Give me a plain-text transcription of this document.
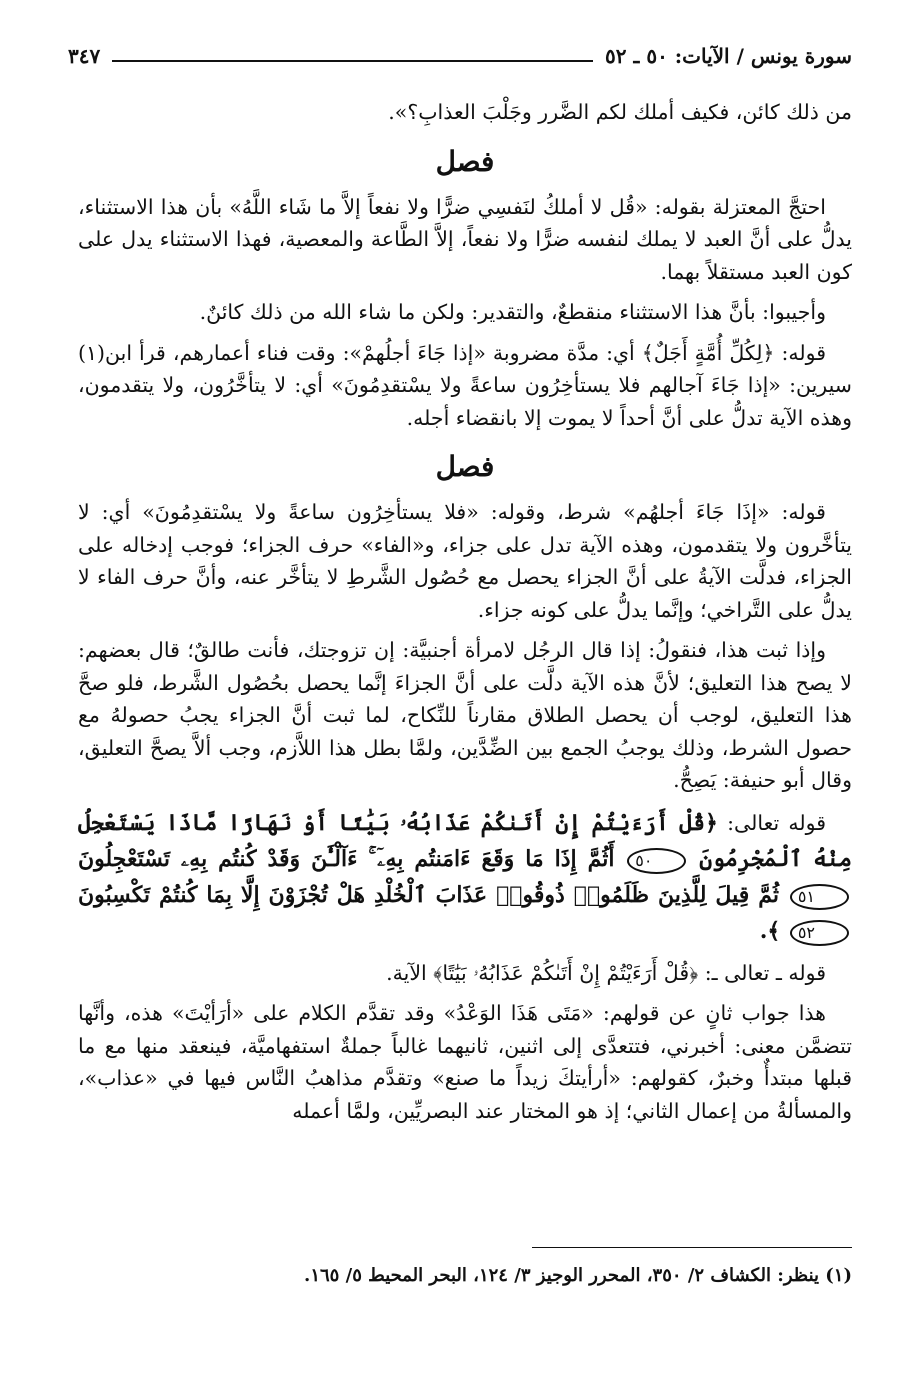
سورة يونس / الآيات: ٥٠ ـ ٥٢
٣٤٧

من ذلك كائن، فكيف أملك لكم الضَّرر وجَلْبَ العذابِ؟».

فصل

احتجَّ المعتزلة بقوله: «قُل لا أملكُ لنَفسِي ضرًّا ولا نفعاً إلاَّ ما شَاء اللَّهُ» بأن هذا الاستثناء، يدلُّ على أنَّ العبد لا يملك لنفسه ضرًّا ولا نفعاً، إلاَّ الطَّاعة والمعصية، فهذا الاستثناء يدل على كون العبد مستقلاً بهما.

وأجيبوا: بأنَّ هذا الاستثناء منقطعٌ، والتقدير: ولكن ما شاء الله من ذلك كائنٌ.

قوله: ﴿لِكُلِّ أُمَّةٍ أَجَلٌ﴾ أي: مدَّة مضروبة «إذا جَاءَ أجلُهمْ»: وقت فناء أعمارهم، قرأ ابن(١) سيرين: «إذا جَاءَ آجالهم فلا يستأخِرُون ساعةً ولا يسْتقدِمُونَ» أي: لا يتأخَّرُون، ولا يتقدمون، وهذه الآية تدلُّ على أنَّ أحداً لا يموت إلا بانقضاء أجله.

فصل

قوله: «إذَا جَاءَ أجلهُم» شرط، وقوله: «فلا يستأخِرُون ساعةً ولا يسْتقدِمُونَ» أي: لا يتأخَّرون ولا يتقدمون، وهذه الآية تدل على جزاء، و«الفاء» حرف الجزاء؛ فوجب إدخاله على الجزاء، فدلَّت الآيةُ على أنَّ الجزاء يحصل مع حُصُول الشَّرطِ لا يتأخَّر عنه، وأنَّ حرف الفاء لا يدلُّ على التَّراخي؛ وإنَّما يدلُّ على كونه جزاء.

وإذا ثبت هذا، فنقولُ: إذا قال الرجُل لامرأة أجنبيَّة: إن تزوجتك، فأنت طالقٌ؛ قال بعضهم: لا يصح هذا التعليق؛ لأنَّ هذه الآية دلَّت على أنَّ الجزاءَ إنَّما يحصل بحُصُول الشَّرط، فلو صحَّ هذا التعليق، لوجب أن يحصل الطلاق مقارناً للنِّكاح، لما ثبت أنَّ الجزاء يجبُ حصولهُ مع حصول الشرط، وذلك يوجبُ الجمع بين الضِّدَّين، ولمَّا بطل هذا اللاَّزم، وجب ألاَّ يصحَّ التعليق، وقال أبو حنيفة: يَصِحُّ.

قوله تعالى: ﴿قُلْ أَرَءَيْتُمْ إِنْ أَتَىٰكُمْ عَذَابُهُۥ بَيَٰتًا أَوْ نَهَارًا مَّاذَا يَسْتَعْجِلُ مِنْهُ ٱلْمُجْرِمُونَ ٥٠ أَثُمَّ إِذَا مَا وَقَعَ ءَامَنتُم بِهِۦٓ ۚ ءَآلْـَٰٔنَ وَقَدْ كُنتُم بِهِۦ تَسْتَعْجِلُونَ ٥١ ثُمَّ قِيلَ لِلَّذِينَ ظَلَمُوا۟ ذُوقُوا۟ عَذَابَ ٱلْخُلْدِ هَلْ تُجْزَوْنَ إِلَّا بِمَا كُنتُمْ تَكْسِبُونَ ٥٢ ﴾.

قوله ـ تعالى ـ: ﴿قُلْ أَرَءَيْتُمْ إِنْ أَتَىٰكُمْ عَذَابُهُۥ بَيَٰتًا﴾ الآية.

هذا جواب ثانٍ عن قولهم: «مَتَى هَذَا الوَعْدُ» وقد تقدَّم الكلام على «أرَأيْتَ» هذه، وأنَّها تتضمَّن معنى: أخبرني، فتتعدَّى إلى اثنين، ثانيهما غالباً جملةٌ استفهاميَّة، فينعقد منها مع ما قبلها مبتدأٌ وخبرٌ، كقولهم: «أرأيتكَ زيداً ما صنع» وتقدَّم مذاهبُ النَّاس فيها في «عذاب»، والمسألةُ من إعمال الثاني؛ إذ هو المختار عند البصريِّين، ولمَّا أعمله

(١) ينظر: الكشاف ٢/ ٣٥٠، المحرر الوجيز ٣/ ١٢٤، البحر المحيط ٥/ ١٦٥.
